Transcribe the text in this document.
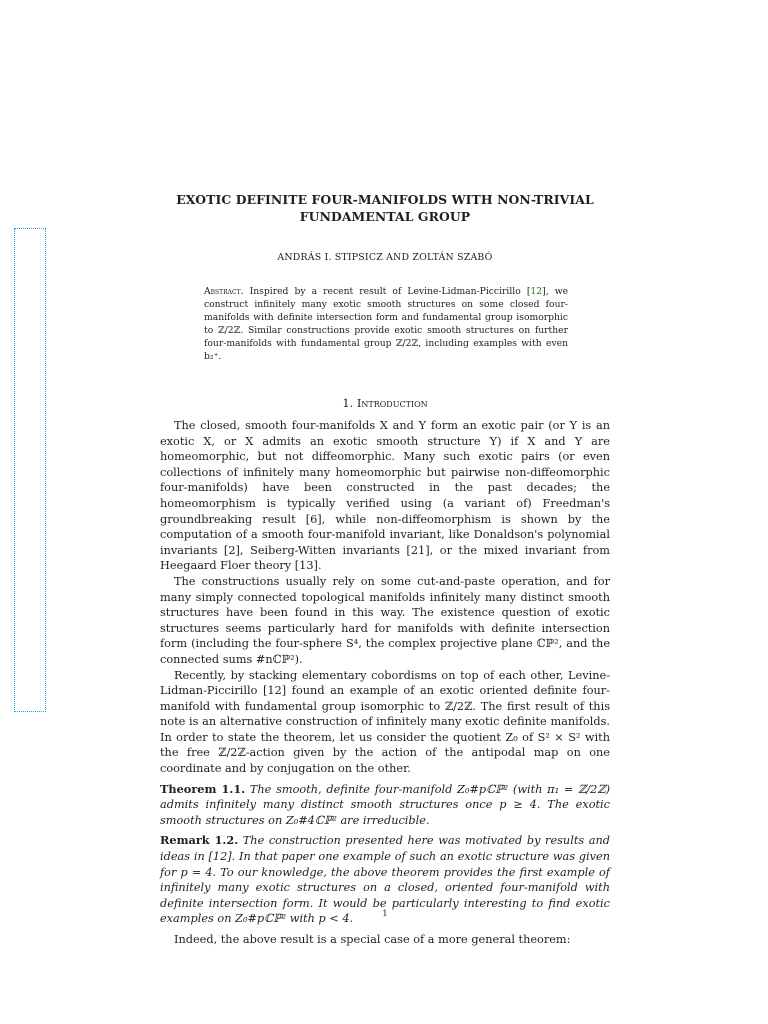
EXOTIC DEFINITE FOUR-MANIFOLDS WITH NON-TRIVIAL
FUNDAMENTAL GROUP
ANDRÁS I. STIPSICZ AND ZOLTÁN SZABÓ
Abstract. Inspired by a recent result of Levine-Lidman-Piccirillo [12], we construct infinitely many exotic smooth structures on some closed four-manifolds with definite intersection form and fundamental group isomorphic to ℤ/2ℤ. Similar constructions provide exotic smooth structures on further four-manifolds with fundamental group ℤ/2ℤ, including examples with even b₂⁺.
1. Introduction

The closed, smooth four-manifolds X and Y form an exotic pair (or Y is an exotic X, or X admits an exotic smooth structure Y) if X and Y are homeomorphic, but not diffeomorphic. Many such exotic pairs (or even collections of infinitely many homeomorphic but pairwise non-diffeomorphic four-manifolds) have been constructed in the past decades; the homeomorphism is typically verified using (a variant of) Freedman's groundbreaking result [6], while non-diffeomorphism is shown by the computation of a smooth four-manifold invariant, like Donaldson's polynomial invariants [2], Seiberg-Witten invariants [21], or the mixed invariant from Heegaard Floer theory [13].

The constructions usually rely on some cut-and-paste operation, and for many simply connected topological manifolds infinitely many distinct smooth structures have been found in this way. The existence question of exotic structures seems particularly hard for manifolds with definite intersection form (including the four-sphere S⁴, the complex projective plane ℂℙ², and the connected sums #nℂℙ²).

Recently, by stacking elementary cobordisms on top of each other, Levine-Lidman-Piccirillo [12] found an example of an exotic oriented definite four-manifold with fundamental group isomorphic to ℤ/2ℤ. The first result of this note is an alternative construction of infinitely many exotic definite manifolds. In order to state the theorem, let us consider the quotient Z₀ of S² × S² with the free ℤ/2ℤ-action given by the action of the antipodal map on one coordinate and by conjugation on the other.

Theorem 1.1. The smooth, definite four-manifold Z₀#pℂℙ² (with π₁ = ℤ/2ℤ) admits infinitely many distinct smooth structures once p ≥ 4. The exotic smooth structures on Z₀#4ℂℙ² are irreducible.

Remark 1.2. The construction presented here was motivated by results and ideas in [12]. In that paper one example of such an exotic structure was given for p = 4. To our knowledge, the above theorem provides the first example of infinitely many exotic structures on a closed, oriented four-manifold with definite intersection form. It would be particularly interesting to find exotic examples on Z₀#pℂℙ² with p < 4.

Indeed, the above result is a special case of a more general theorem:

1
